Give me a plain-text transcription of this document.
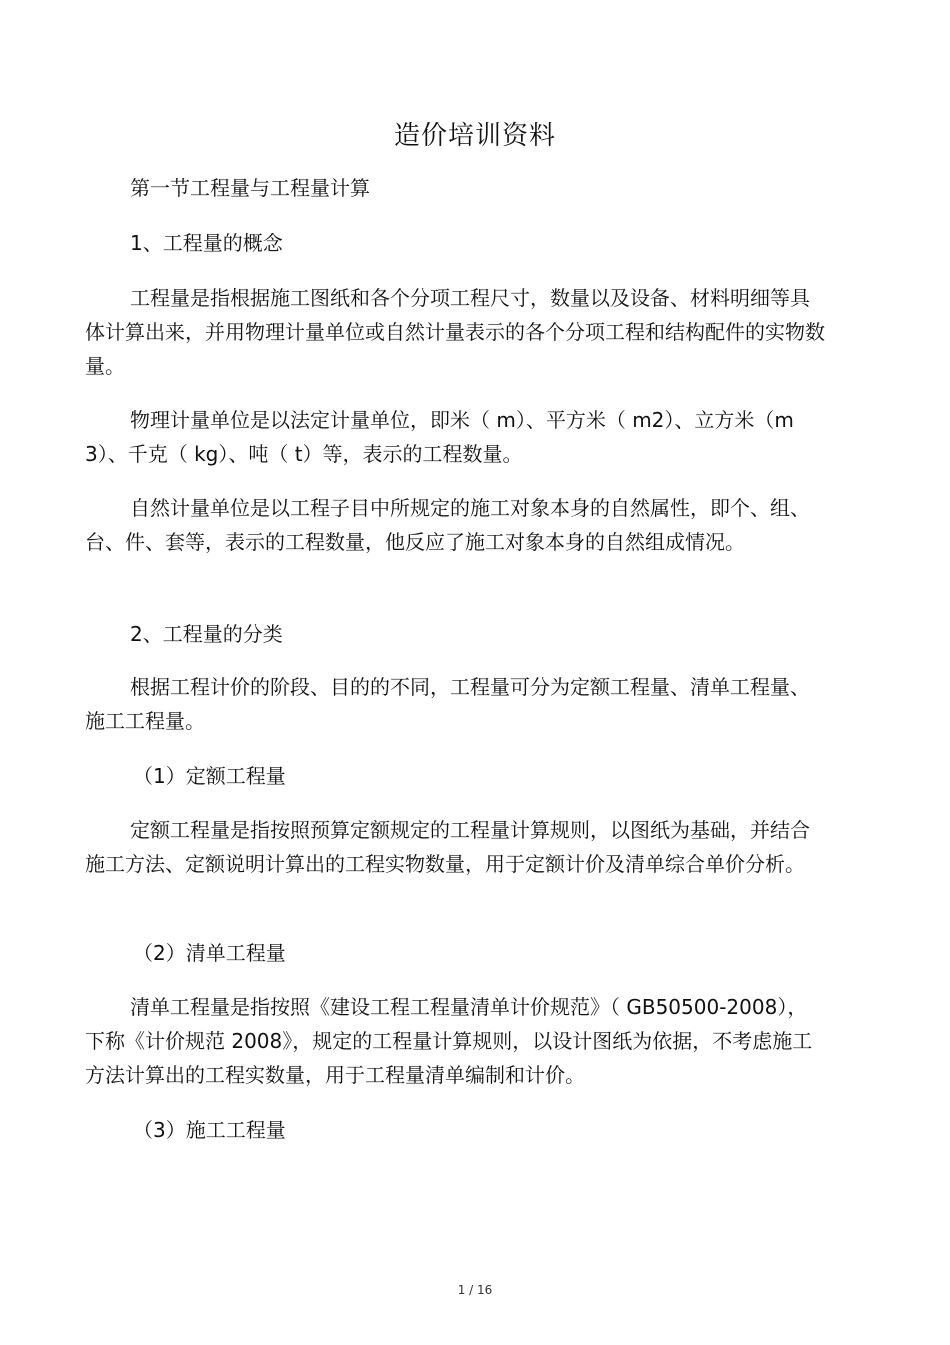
造价培训资料
第一节工程量与工程量计算
1、工程量的概念
工程量是指根据施工图纸和各个分项工程尺寸，数量以及设备、材料明细等具体计算出来，并用物理计量单位或自然计量表示的各个分项工程和结构配件的实物数量。
物理计量单位是以法定计量单位，即米（ m）、平方米（ m2）、立方米（m3）、千克（ kg）、吨（ t）等，表示的工程数量。
自然计量单位是以工程子目中所规定的施工对象本身的自然属性，即个、组、台、件、套等，表示的工程数量，他反应了施工对象本身的自然组成情况。
2、工程量的分类
根据工程计价的阶段、目的的不同，工程量可分为定额工程量、清单工程量、施工工程量。
（1）定额工程量
定额工程量是指按照预算定额规定的工程量计算规则，以图纸为基础，并结合施工方法、定额说明计算出的工程实物数量，用于定额计价及清单综合单价分析。
（2）清单工程量
清单工程量是指按照《建设工程工程量清单计价规范》（ GB50500-2008），下称《计价规范 2008》，规定的工程量计算规则，以设计图纸为依据，不考虑施工方法计算出的工程实数量，用于工程量清单编制和计价。
（3）施工工程量
1 / 16
